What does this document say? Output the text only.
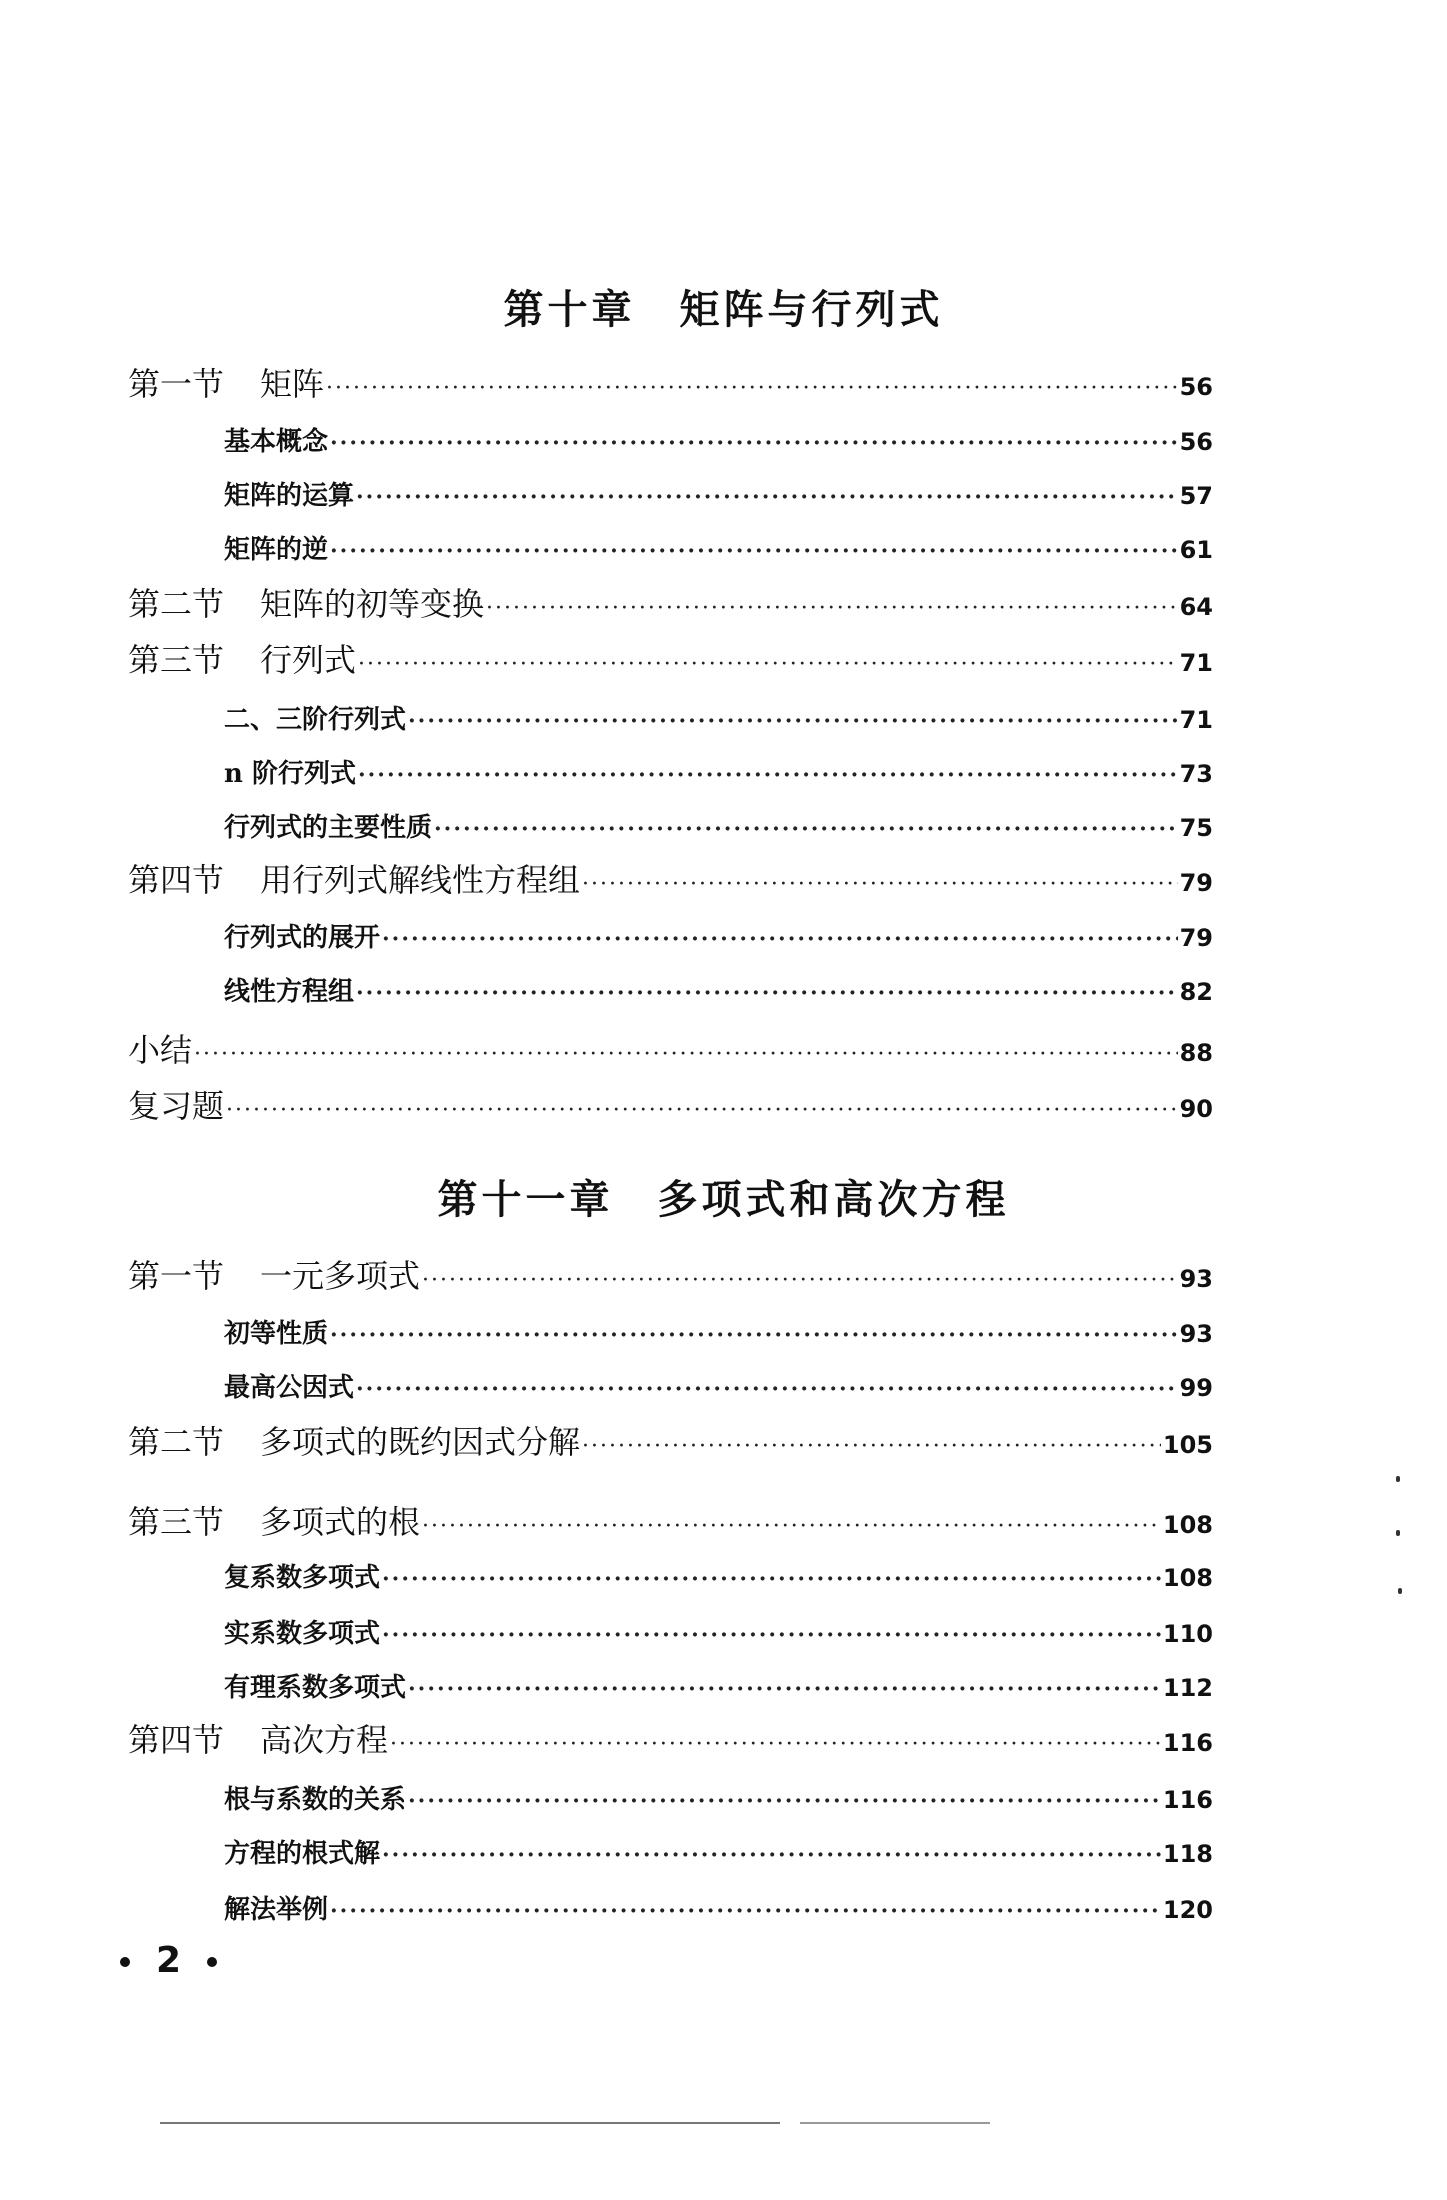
第十章 矩阵与行列式
第一节 矩阵 ·····	56
基本概念 ·····	56
矩阵的运算 ·····	57
矩阵的逆 ·····	61
第二节 矩阵的初等变换 ·····	64
第三节 行列式 ·····	71
二、三阶行列式 ·····	71
n 阶行列式 ·····	73
行列式的主要性质 ·····	75
第四节 用行列式解线性方程组 ·····	79
行列式的展开 ·····	79
线性方程组 ·····	82
小结 ·····	88
复习题 ·····	90
第十一章 多项式和高次方程
第一节 一元多项式 ·····	93
初等性质 ·····	93
最高公因式 ·····	99
第二节 多项式的既约因式分解 ·····	105
第三节 多项式的根 ·····	108
复系数多项式 ·····	108
实系数多项式 ·····	110
有理系数多项式 ·····	112
第四节 高次方程 ·····	116
根与系数的关系 ·····	116
方程的根式解 ·····	118
解法举例 ·····	120
2
